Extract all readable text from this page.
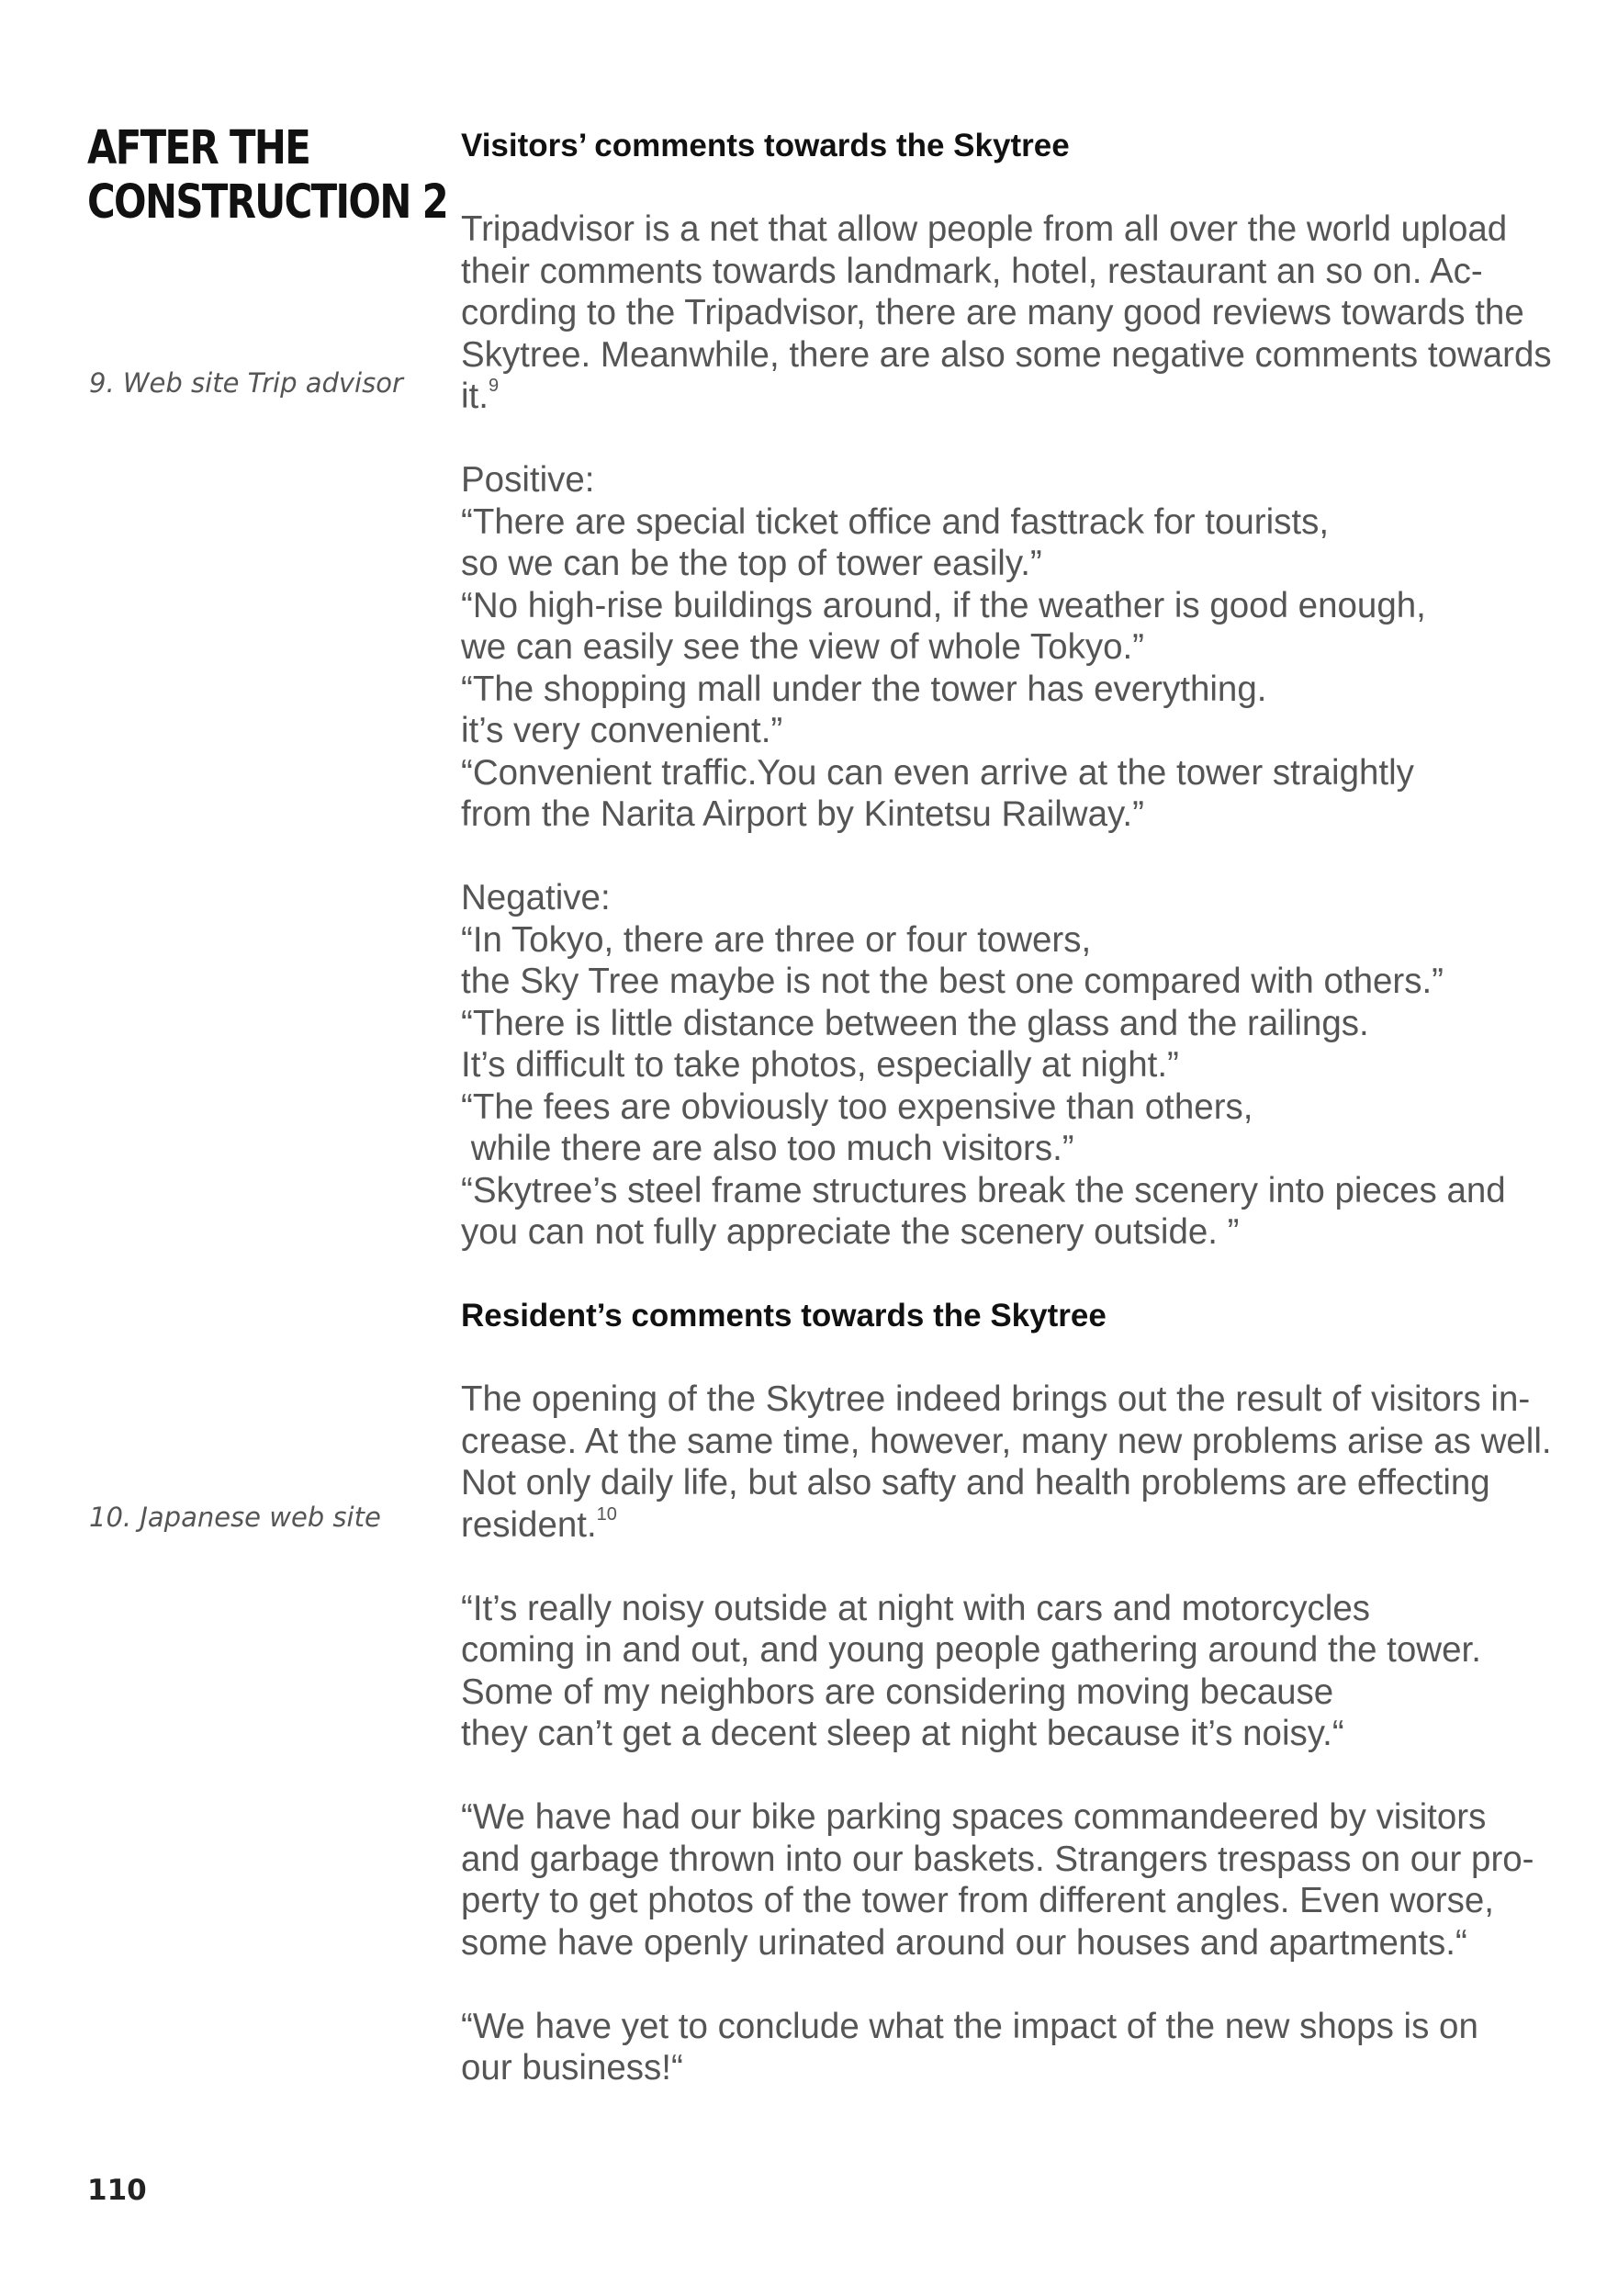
AFTER THE
CONSTRUCTION 2
9. Web site Trip advisor
10. Japanese web site
Visitors’ comments towards the Skytree

Tripadvisor is a net that allow people from all over the world upload
their comments towards landmark, hotel, restaurant an so on. Ac-
cording to the Tripadvisor, there are many good reviews towards the
Skytree. Meanwhile, there are also some negative comments towards
it.$^9$

Positive:
“There are special ticket office and fasttrack for tourists,
so we can be the top of tower easily.”
“No high-rise buildings around, if the weather is good enough,
we can easily see the view of whole Tokyo.”
“The shopping mall under the tower has everything.
it’s very convenient.”
“Convenient traffic.You can even arrive at the tower straightly
from the Narita Airport by Kintetsu Railway.”

Negative:
“In Tokyo, there are three or four towers,
the Sky Tree maybe is not the best one compared with others.”
“There is little distance between the glass and the railings.
It’s difficult to take photos, especially at night.”
“The fees are obviously too expensive than others,
while there are also too much visitors.”
“Skytree’s steel frame structures break the scenery into pieces and
you can not fully appreciate the scenery outside. ”

Resident’s comments towards the Skytree

The opening of the Skytree indeed brings out the result of visitors in-
crease. At the same time, however, many new problems arise as well.
Not only daily life, but also safty and health problems are effecting
resident.$^{10}$

“It’s really noisy outside at night with cars and motorcycles
coming in and out, and young people gathering around the tower.
Some of my neighbors are considering moving because
they can’t get a decent sleep at night because it’s noisy.“

“We have had our bike parking spaces commandeered by visitors
and garbage thrown into our baskets. Strangers trespass on our pro-
perty to get photos of the tower from different angles. Even worse,
some have openly urinated around our houses and apartments.“

“We have yet to conclude what the impact of the new shops is on
our business!“

110
